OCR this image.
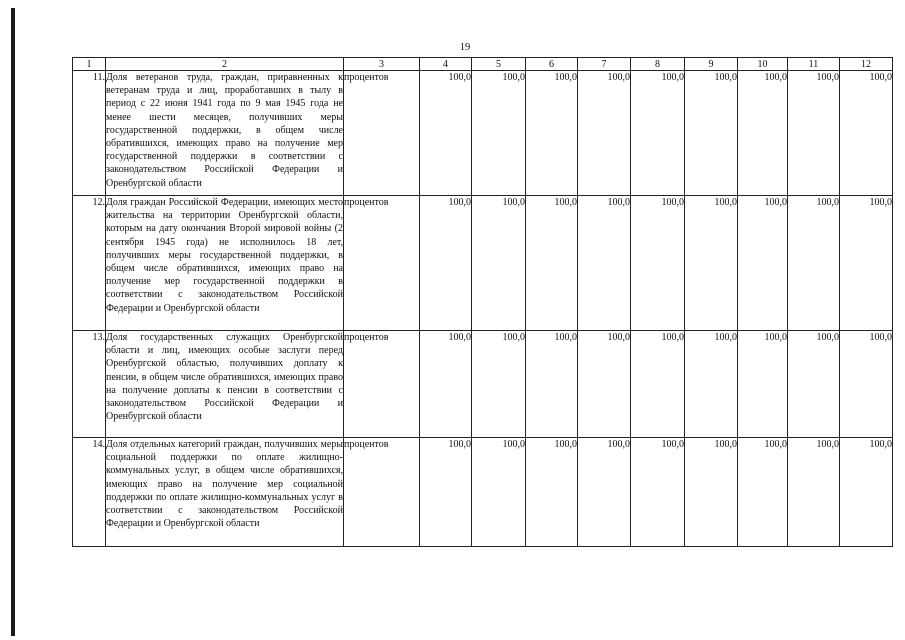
19
1	2	3	4	5	6	7	8	9	10	11	12
11.	Доля ветеранов труда, граждан, приравненных к ветеранам труда и лиц, проработавших в тылу в период с 22 июня 1941 года по 9 мая 1945 года не менее шести месяцев, получивших меры государственной поддержки, в общем числе обратившихся, имеющих право на получение мер государственной поддержки в соответствии с законодательством Российской Федерации и Оренбургской области	процентов	100,0	100,0	100,0	100,0	100,0	100,0	100,0	100,0	100,0
12.	Доля граждан Российской Федерации, имеющих место жительства на территории Оренбургской области, которым на дату окончания Второй мировой войны (2 сентября 1945 года) не исполнилось 18 лет, получивших меры государственной поддержки, в общем числе обратившихся, имеющих право на получение мер государственной поддержки в соответствии с законодательством Российской Федерации и Оренбургской области	процентов	100,0	100,0	100,0	100,0	100,0	100,0	100,0	100,0	100,0
13.	Доля государственных служащих Оренбургской области и лиц, имеющих особые заслуги перед Оренбургской областью, получивших доплату к пенсии, в общем числе обратившихся, имеющих право на получение доплаты к пенсии в соответствии с законодательством Российской Федерации и Оренбургской области	процентов	100,0	100,0	100,0	100,0	100,0	100,0	100,0	100,0	100,0
14.	Доля отдельных категорий граждан, получивших меры социальной поддержки по оплате жилищно-коммунальных услуг, в общем числе обратившихся, имеющих право на получение мер социальной поддержки по оплате жилищно-коммунальных услуг в соответствии с законодательством Российской Федерации и Оренбургской области	процентов	100,0	100,0	100,0	100,0	100,0	100,0	100,0	100,0	100,0
